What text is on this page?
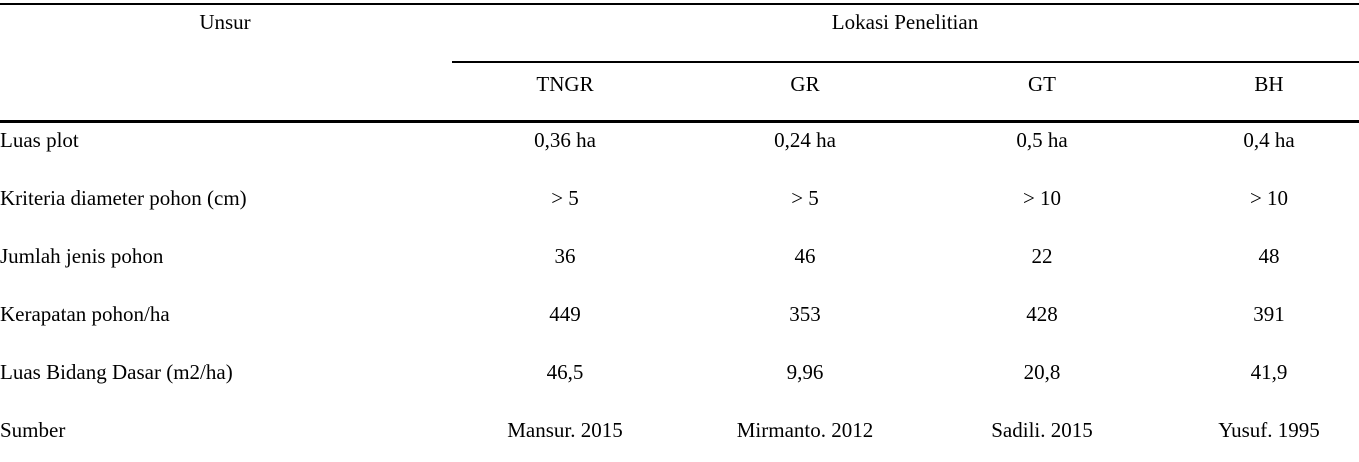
Unsur	Lokasi Penelitian
TNGR	GR	GT	BH
Luas plot	0,36 ha	0,24 ha	0,5 ha	0,4 ha
Kriteria diameter pohon (cm)	> 5	> 5	> 10	> 10
Jumlah jenis pohon	36	46	22	48
Kerapatan pohon/ha	449	353	428	391
Luas Bidang Dasar (m2/ha)	46,5	9,96	20,8	41,9
Sumber	Mansur. 2015	Mirmanto. 2012	Sadili. 2015	Yusuf. 1995
